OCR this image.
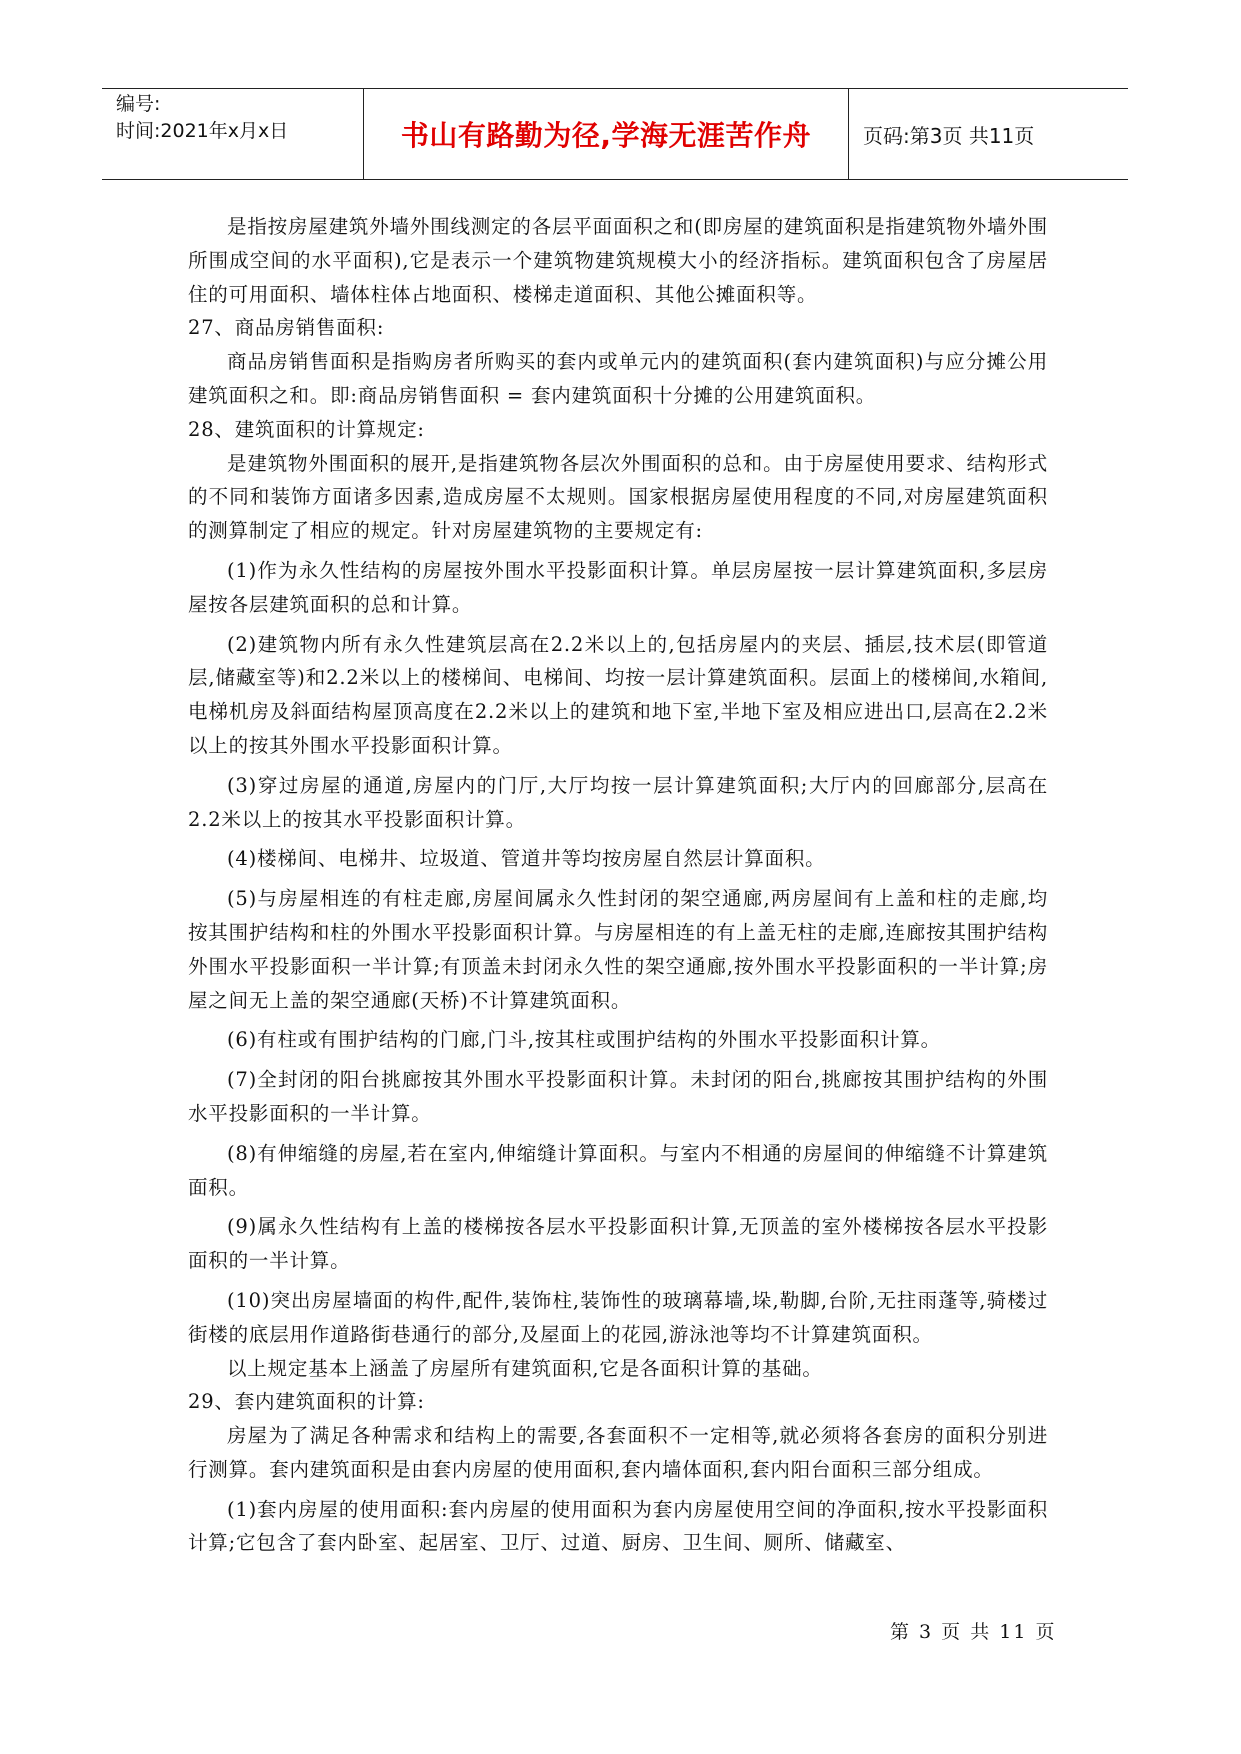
编号:
时间:2021年x月x日	书山有路勤为径,学海无涯苦作舟	页码:第3页 共11页

是指按房屋建筑外墙外围线测定的各层平面面积之和(即房屋的建筑面积是指建筑物外墙外围所围成空间的水平面积),它是表示一个建筑物建筑规模大小的经济指标。建筑面积包含了房屋居住的可用面积、墙体柱体占地面积、楼梯走道面积、其他公摊面积等。

27、商品房销售面积:

商品房销售面积是指购房者所购买的套内或单元内的建筑面积(套内建筑面积)与应分摊公用建筑面积之和。即:商品房销售面积 = 套内建筑面积十分摊的公用建筑面积。

28、建筑面积的计算规定:

是建筑物外围面积的展开,是指建筑物各层次外围面积的总和。由于房屋使用要求、结构形式的不同和装饰方面诸多因素,造成房屋不太规则。国家根据房屋使用程度的不同,对房屋建筑面积的测算制定了相应的规定。针对房屋建筑物的主要规定有:

(1)作为永久性结构的房屋按外围水平投影面积计算。单层房屋按一层计算建筑面积,多层房屋按各层建筑面积的总和计算。

(2)建筑物内所有永久性建筑层高在2.2米以上的,包括房屋内的夹层、插层,技术层(即管道层,储藏室等)和2.2米以上的楼梯间、电梯间、均按一层计算建筑面积。层面上的楼梯间,水箱间,电梯机房及斜面结构屋顶高度在2.2米以上的建筑和地下室,半地下室及相应进出口,层高在2.2米以上的按其外围水平投影面积计算。

(3)穿过房屋的通道,房屋内的门厅,大厅均按一层计算建筑面积;大厅内的回廊部分,层高在2.2米以上的按其水平投影面积计算。

(4)楼梯间、电梯井、垃圾道、管道井等均按房屋自然层计算面积。

(5)与房屋相连的有柱走廊,房屋间属永久性封闭的架空通廊,两房屋间有上盖和柱的走廊,均按其围护结构和柱的外围水平投影面积计算。与房屋相连的有上盖无柱的走廊,连廊按其围护结构外围水平投影面积一半计算;有顶盖未封闭永久性的架空通廊,按外围水平投影面积的一半计算;房屋之间无上盖的架空通廊(天桥)不计算建筑面积。

(6)有柱或有围护结构的门廊,门斗,按其柱或围护结构的外围水平投影面积计算。

(7)全封闭的阳台挑廊按其外围水平投影面积计算。未封闭的阳台,挑廊按其围护结构的外围水平投影面积的一半计算。

(8)有伸缩缝的房屋,若在室内,伸缩缝计算面积。与室内不相通的房屋间的伸缩缝不计算建筑面积。

(9)属永久性结构有上盖的楼梯按各层水平投影面积计算,无顶盖的室外楼梯按各层水平投影面积的一半计算。

(10)突出房屋墙面的构件,配件,装饰柱,装饰性的玻璃幕墙,垛,勒脚,台阶,无拄雨蓬等,骑楼过街楼的底层用作道路街巷通行的部分,及屋面上的花园,游泳池等均不计算建筑面积。

以上规定基本上涵盖了房屋所有建筑面积,它是各面积计算的基础。

29、套内建筑面积的计算:

房屋为了满足各种需求和结构上的需要,各套面积不一定相等,就必须将各套房的面积分别进行测算。套内建筑面积是由套内房屋的使用面积,套内墙体面积,套内阳台面积三部分组成。

(1)套内房屋的使用面积:套内房屋的使用面积为套内房屋使用空间的净面积,按水平投影面积计算;它包含了套内卧室、起居室、卫厅、过道、厨房、卫生间、厕所、储藏室、

第 3 页 共 11 页
